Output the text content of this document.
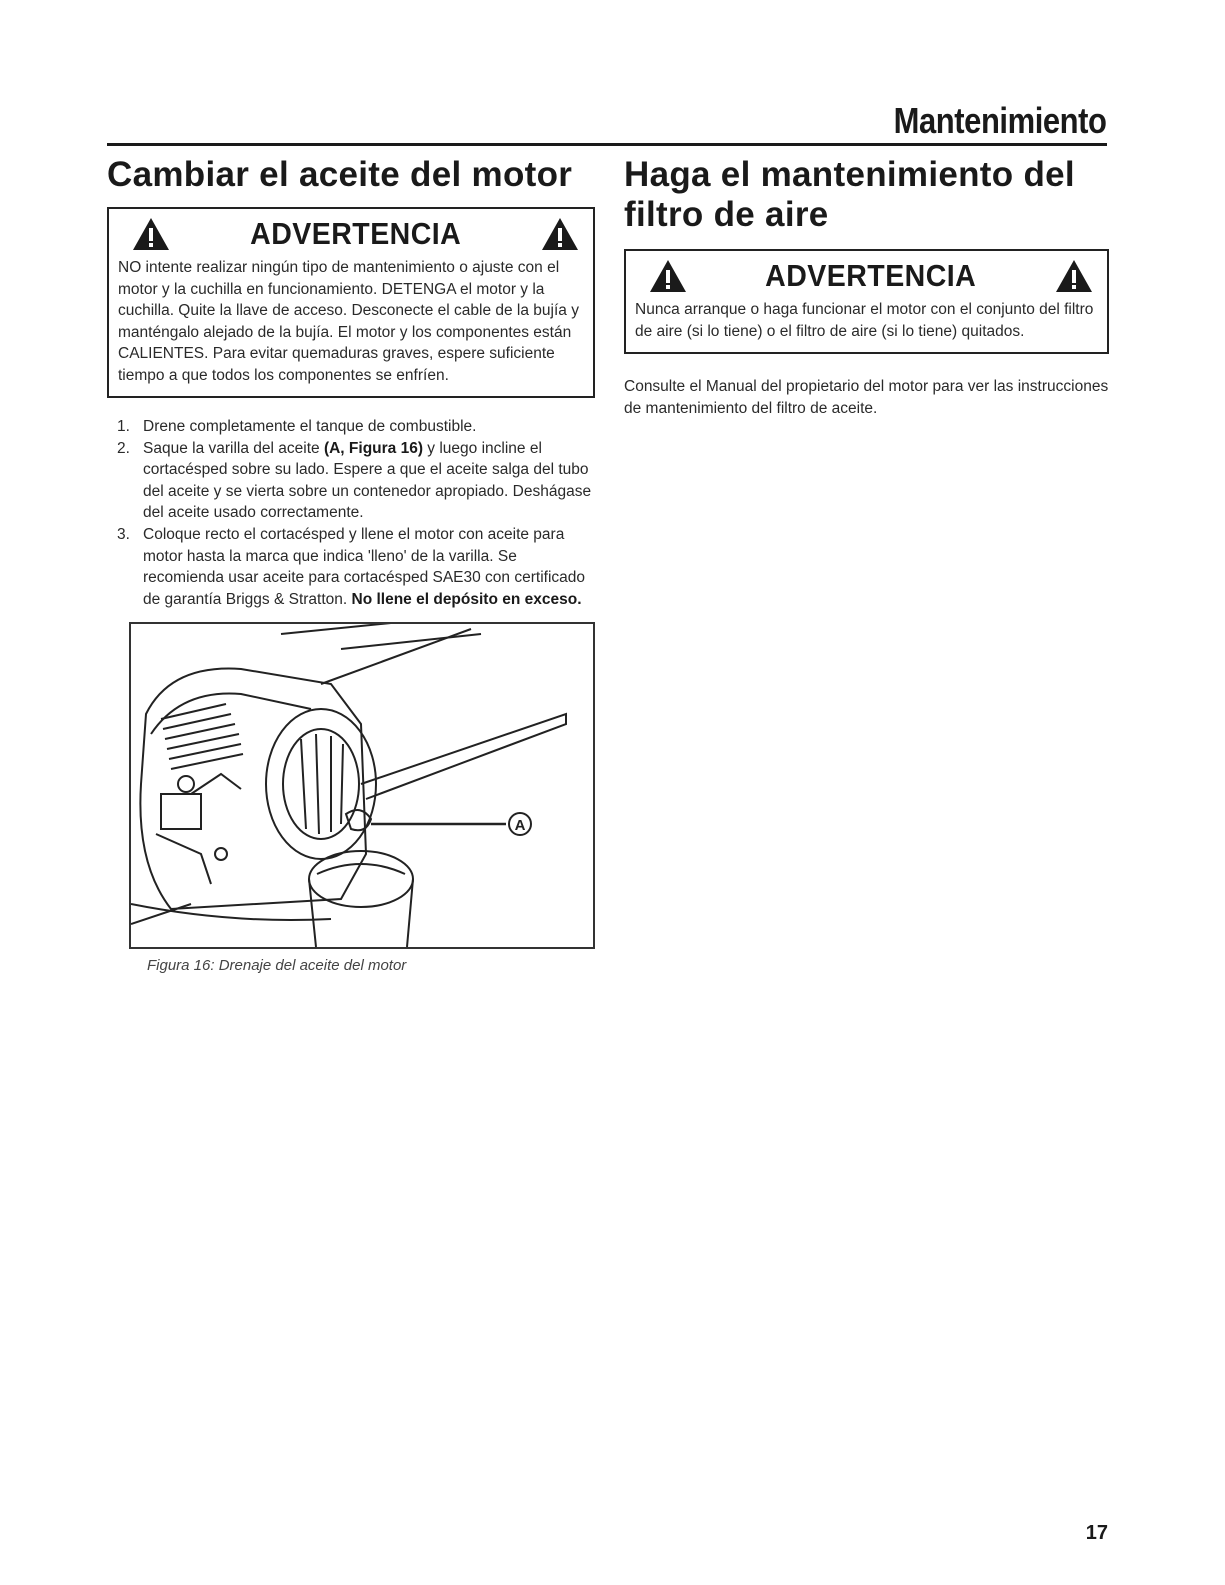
Mantenimiento
Cambiar el aceite del motor
ADVERTENCIA
NO intente realizar ningún tipo de mantenimiento o ajuste con el motor y la cuchilla en funcionamiento. DETENGA el motor y la cuchilla. Quite la llave de acceso. Desconecte el cable de la bujía y manténgalo alejado de la bujía. El motor y los componentes están CALIENTES. Para evitar quemaduras graves, espere suficiente tiempo a que todos los componentes se enfríen.
1. Drene completamente el tanque de combustible.
2. Saque la varilla del aceite (A, Figura 16) y luego incline el cortacésped sobre su lado. Espere a que el aceite salga del tubo del aceite y se vierta sobre un contenedor apropiado. Deshágase del aceite usado correctamente.
3. Coloque recto el cortacésped y llene el motor con aceite para motor hasta la marca que indica 'lleno' de la varilla. Se recomienda usar aceite para cortacésped SAE30 con certificado de garantía Briggs & Stratton. No llene el depósito en exceso.
A
Figura 16: Drenaje del aceite del motor
Haga el mantenimiento del filtro de aire
ADVERTENCIA
Nunca arranque o haga funcionar el motor con el conjunto del filtro de aire (si lo tiene) o el filtro de aire (si lo tiene) quitados.
Consulte el Manual del propietario del motor para ver las instrucciones de mantenimiento del filtro de aceite.
17
